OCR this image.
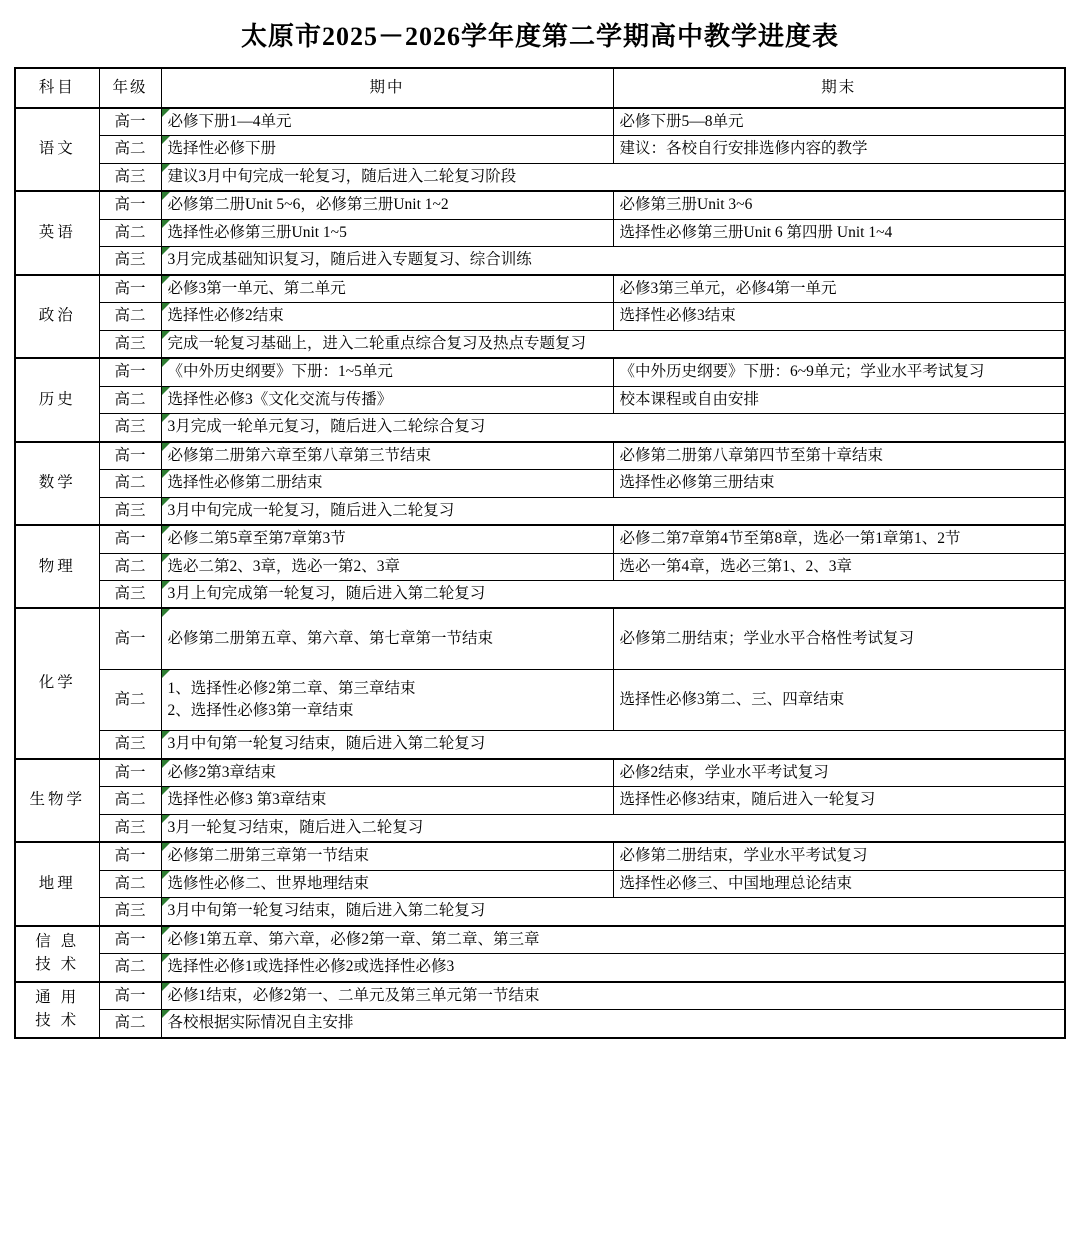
太原市2025－2026学年度第二学期高中教学进度表
科目	年级	期中	期末
语文	高一	必修下册1—4单元	必修下册5—8单元
	高二	选择性必修下册	建议：各校自行安排选修内容的教学
	高三	建议3月中旬完成一轮复习，随后进入二轮复习阶段	
英语	高一	必修第二册Unit 5~6，必修第三册Unit 1~2	必修第三册Unit 3~6
	高二	选择性必修第三册Unit 1~5	选择性必修第三册Unit 6 第四册 Unit 1~4
	高三	3月完成基础知识复习，随后进入专题复习、综合训练	
政治	高一	必修3第一单元、第二单元	必修3第三单元，必修4第一单元
	高二	选择性必修2结束	选择性必修3结束
	高三	完成一轮复习基础上，进入二轮重点综合复习及热点专题复习	
历史	高一	《中外历史纲要》下册：1~5单元	《中外历史纲要》下册：6~9单元；学业水平考试复习
	高二	选择性必修3《文化交流与传播》	校本课程或自由安排
	高三	3月完成一轮单元复习，随后进入二轮综合复习	
数学	高一	必修第二册第六章至第八章第三节结束	必修第二册第八章第四节至第十章结束
	高二	选择性必修第二册结束	选择性必修第三册结束
	高三	3月中旬完成一轮复习，随后进入二轮复习	
物理	高一	必修二第5章至第7章第3节	必修二第7章第4节至第8章，选必一第1章第1、2节
	高二	选必二第2、3章，选必一第2、3章	选必一第4章，选必三第1、2、3章
	高三	3月上旬完成第一轮复习，随后进入第二轮复习	
化学	高一	必修第二册第五章、第六章、第七章第一节结束	必修第二册结束；学业水平合格性考试复习
	高二	1、选择性必修2第二章、第三章结束
2、选择性必修3第一章结束	选择性必修3第二、三、四章结束
	高三	3月中旬第一轮复习结束，随后进入第二轮复习	
生物学	高一	必修2第3章结束	必修2结束，学业水平考试复习
	高二	选择性必修3 第3章结束	选择性必修3结束，随后进入一轮复习
	高三	3月一轮复习结束，随后进入二轮复习	
地理	高一	必修第二册第三章第一节结束	必修第二册结束，学业水平考试复习
	高二	选修性必修二、世界地理结束	选择性必修三、中国地理总论结束
	高三	3月中旬第一轮复习结束，随后进入第二轮复习	
信 息
技 术	高一	必修1第五章、第六章，必修2第一章、第二章、第三章	
	高二	选择性必修1或选择性必修2或选择性必修3	
通 用
技 术	高一	必修1结束，必修2第一、二单元及第三单元第一节结束	
	高二	各校根据实际情况自主安排	
